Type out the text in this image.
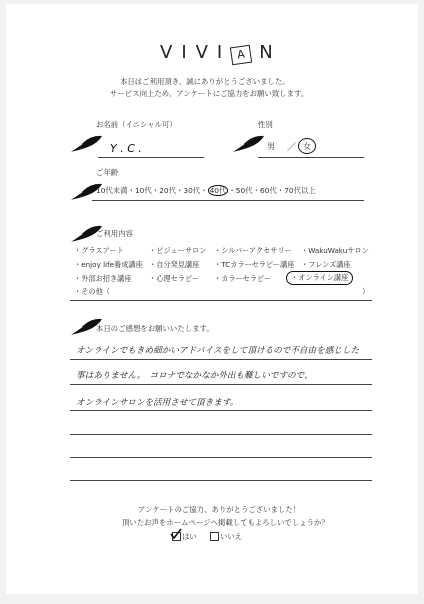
VIVI A N
本日はご利用頂き、誠にありがとうございました。
サービス向上ため、アンケートにご協力をお願い致します。
お名前（イニシャル可）
Y . C .
性別
男 ／ 女
ご年齢
10代未満・10代・20代・30代・ 40代 ・50代・60代・70代以上
ご利用内容
・グラスアート	・ビジューサロン ・シルバーアクセサリー ・WakuWakuサロン
・enjoy life養成講座 ・自分発見講座 ・TCカラーセラピー講座 ・フレンズ講座
・外部お招き講座 ・心理セラピー ・カラーセラピー	・オンライン講座
・その他（	）
本日のご感想をお願いいたします。
オンラインでもきめ細かいアドバイスをして頂けるので不自由を感じした
事はありません。　コロナでなかなか外出も難しいですので、
オンラインサロンを活用させて頂きます。
アンケートのご協力、ありがとうございました！
頂いたお声をホームページへ掲載してもよろしいでしょうか？
はい	いいえ
